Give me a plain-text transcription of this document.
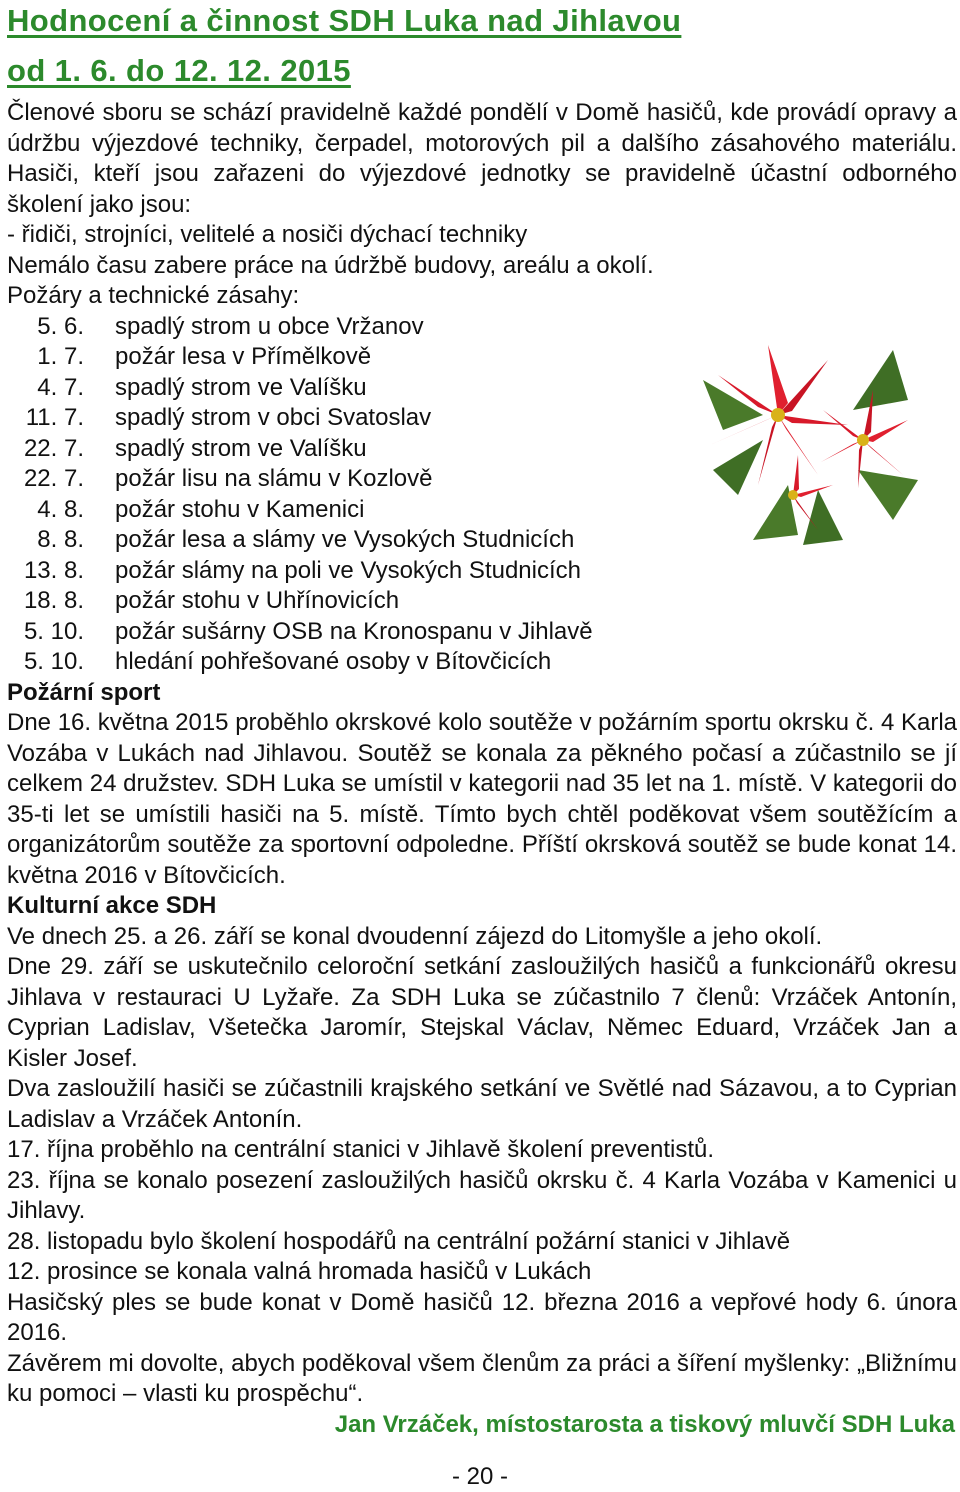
Hodnocení a činnost SDH Luka nad Jihlavou

od 1. 6. do 12. 12. 2015

Členové sboru se schází pravidelně každé pondělí v Domě hasičů, kde provádí opravy a údržbu výjezdové techniky, čerpadel, motorových pil a dalšího zásahového materiálu. Hasiči, kteří jsou zařazeni do výjezdové jednotky se pravidelně účastní odborného školení jako jsou:

- řidiči, strojníci, velitelé a nosiči dýchací techniky

Nemálo času zabere práce na údržbě budovy, areálu a okolí.

Požáry a technické zásahy:

5. 6.	spadlý strom u obce Vržanov
1. 7.	požár lesa v Přímělkově
4. 7.	spadlý strom ve Valíšku
11. 7.	spadlý strom v obci Svatoslav
22. 7.	spadlý strom ve Valíšku
22. 7.	požár lisu na slámu v Kozlově
4. 8.	požár stohu v Kamenici
8. 8.	požár lesa a slámy ve Vysokých Studnicích
13. 8.	požár slámy na poli ve Vysokých Studnicích
18. 8.	požár stohu v Uhřínovicích
5. 10.	požár sušárny OSB na Kronospanu v Jihlavě
5. 10.	hledání pohřešované osoby v Bítovčicích

Požární sport

Dne 16. května 2015 proběhlo okrskové kolo soutěže v požárním sportu okrsku č. 4 Karla Vozába v Lukách nad Jihlavou. Soutěž se konala za pěkného počasí a zúčastnilo se jí celkem 24 družstev. SDH Luka se umístil v kategorii nad 35 let na 1. místě. V kategorii do 35-ti let se umístili hasiči na 5. místě. Tímto bych chtěl poděkovat všem soutěžícím a organizátorům soutěže za sportovní odpoledne. Příští okrsková soutěž se bude konat 14. května 2016 v Bítovčicích.

Kulturní akce SDH

Ve dnech 25. a 26. září se konal dvoudenní zájezd do Litomyšle a jeho okolí.

Dne 29. září se uskutečnilo celoroční setkání zasloužilých hasičů a funkcionářů okresu Jihlava v restauraci U Lyžaře. Za SDH Luka se zúčastnilo 7 členů: Vrzáček Antonín, Cyprian Ladislav, Všetečka Jaromír, Stejskal Václav, Němec Eduard, Vrzáček Jan a Kisler Josef.

Dva zasloužilí hasiči se zúčastnili krajského setkání ve Světlé nad Sázavou, a to Cyprian Ladislav a Vrzáček Antonín.

17. října proběhlo na centrální stanici v Jihlavě školení preventistů.

23. října se konalo posezení zasloužilých hasičů okrsku č. 4 Karla Vozába v Kamenici u Jihlavy.

28. listopadu bylo školení hospodářů na centrální požární stanici v Jihlavě

12. prosince se konala valná hromada hasičů v Lukách

Hasičský ples se bude konat v Domě hasičů 12. března 2016 a vepřové hody 6. února 2016.

Závěrem mi dovolte, abych poděkoval všem členům za práci a šíření myšlenky: „Bližnímu ku pomoci – vlasti ku prospěchu“.

Jan Vrzáček, místostarosta a tiskový mluvčí SDH Luka

- 20 -
